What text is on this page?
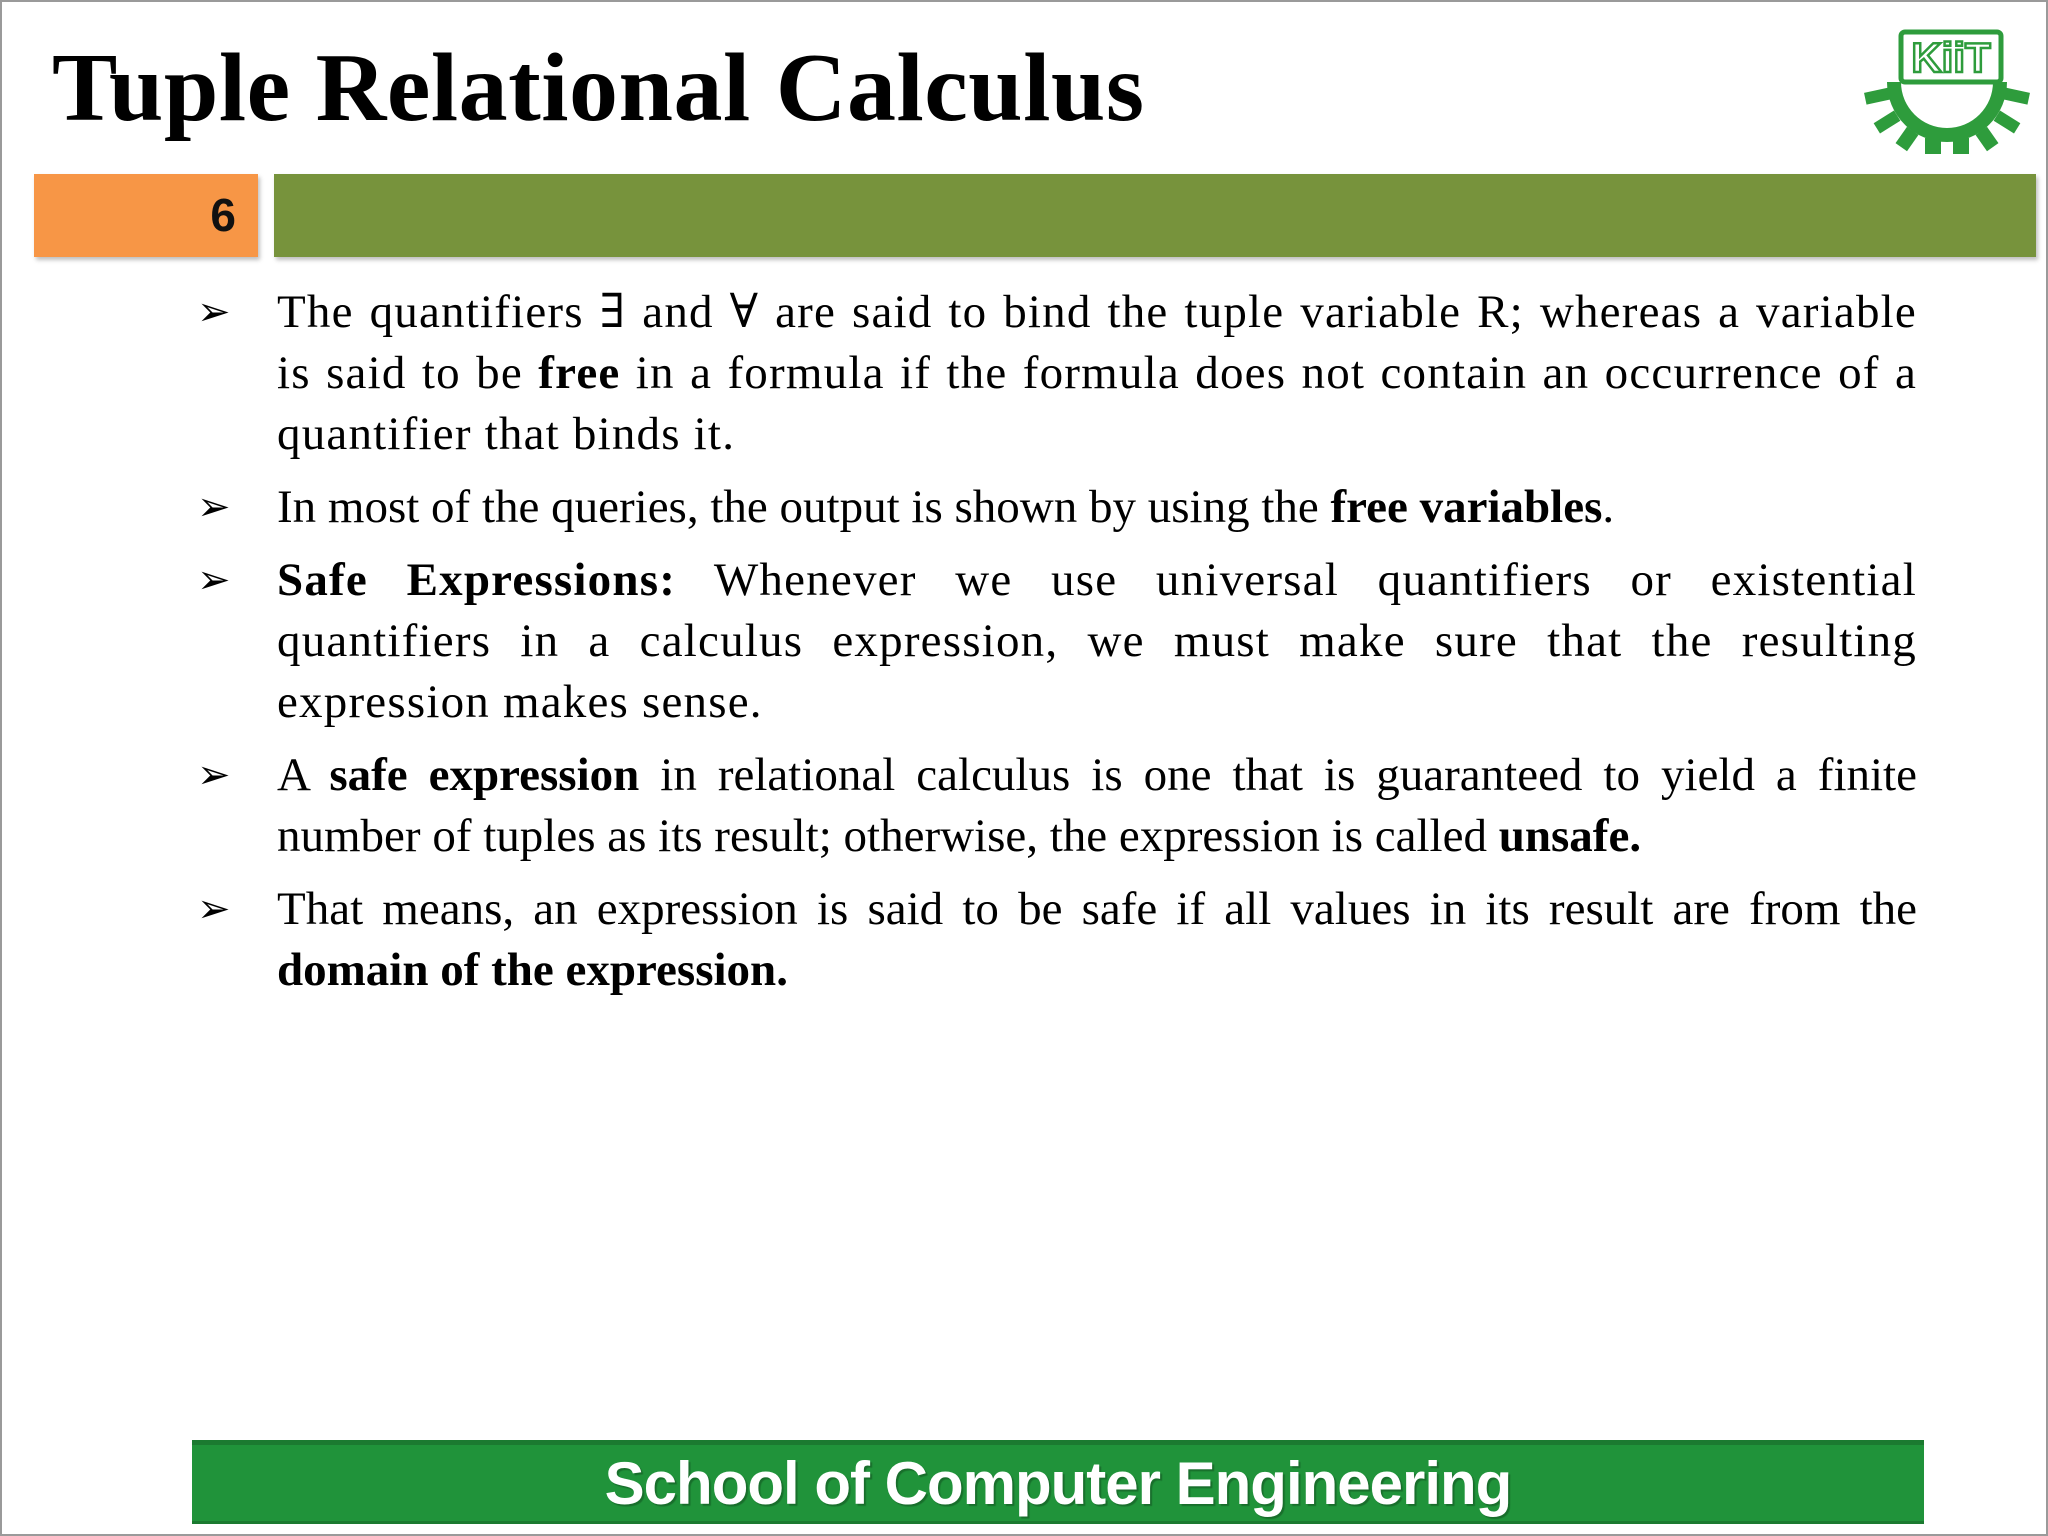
Tuple Relational Calculus	KiiT
6
➢ The quantifiers ∃ and ∀ are said to bind the tuple variable R; whereas a variable is said to be free in a formula if the formula does not contain an occurrence of a quantifier that binds it.
➢ In most of the queries, the output is shown by using the free variables.
➢ Safe Expressions: Whenever we use universal quantifiers or existential quantifiers in a calculus expression, we must make sure that the resulting expression makes sense.
➢ A safe expression in relational calculus is one that is guaranteed to yield a finite number of tuples as its result; otherwise, the expression is called unsafe.
➢ That means, an expression is said to be safe if all values in its result are from the domain of the expression.
School of Computer Engineering
